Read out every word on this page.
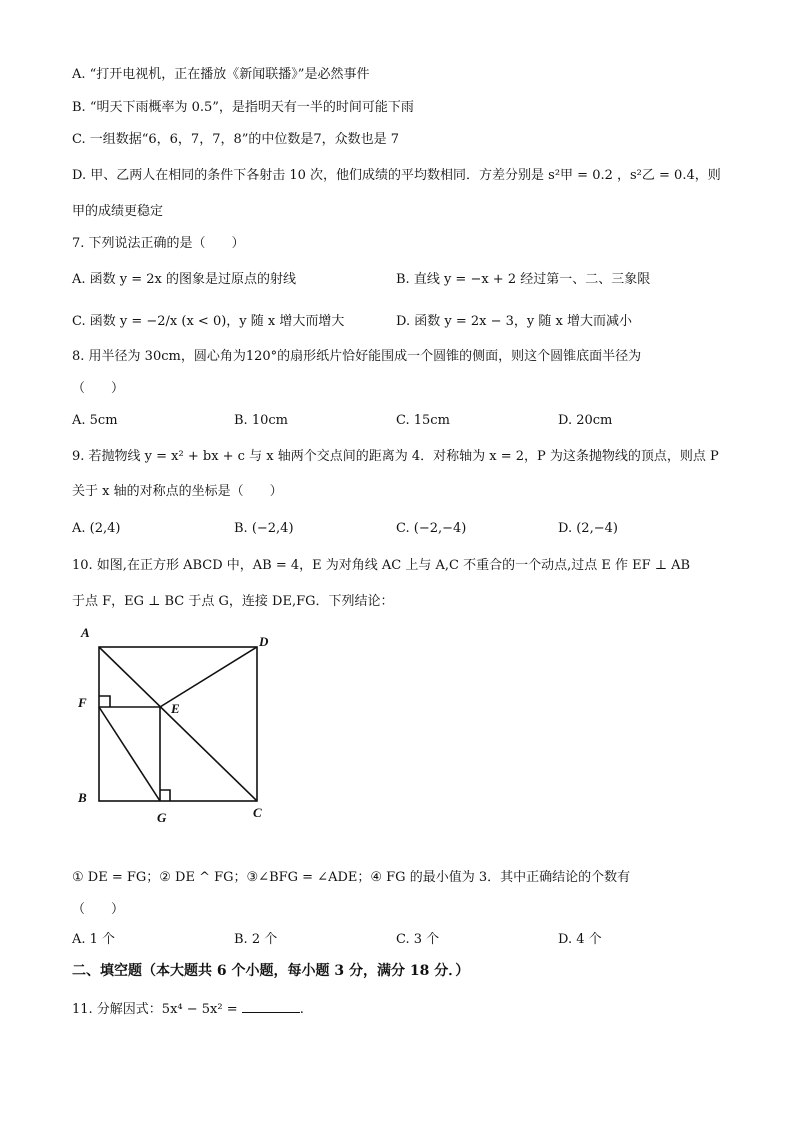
A. “打开电视机，正在播放《新闻联播》”是必然事件
B. “明天下雨概率为 0.5”，是指明天有一半的时间可能下雨
C. 一组数据“6，6，7，7，8”的中位数是7，众数也是 7
D. 甲、乙两人在相同的条件下各射击 10 次，他们成绩的平均数相同．方差分别是 s²甲 = 0.2 ，s²乙 = 0.4，则
甲的成绩更稳定
7. 下列说法正确的是（　　）
A. 函数 y = 2x 的图象是过原点的射线	B. 直线 y = −x + 2 经过第一、二、三象限
C. 函数 y = −2/x (x < 0)，y 随 x 增大而增大	D. 函数 y = 2x − 3，y 随 x 增大而减小
8. 用半径为 30cm，圆心角为120°的扇形纸片恰好能围成一个圆锥的侧面，则这个圆锥底面半径为
（　　）
A. 5cm	B. 10cm	C. 15cm	D. 20cm
9. 若抛物线 y = x² + bx + c 与 x 轴两个交点间的距离为 4．对称轴为 x = 2，P 为这条抛物线的顶点，则点 P
关于 x 轴的对称点的坐标是（　　）
A. (2,4)	B. (−2,4)	C. (−2,−4)	D. (2,−4)
10. 如图,在正方形 ABCD 中，AB = 4，E 为对角线 AC 上与 A,C 不重合的一个动点,过点 E 作 EF ⊥ AB
于点 F，EG ⊥ BC 于点 G，连接 DE,FG．下列结论：
A
D
F	E
B
G	C
① DE = FG；② DE ^ FG；③∠BFG = ∠ADE；④ FG 的最小值为 3．其中正确结论的个数有
（　　）
A. 1 个	B. 2 个	C. 3 个	D. 4 个
二、填空题（本大题共 6 个小题，每小题 3 分，满分 18 分．）
11. 分解因式：5x⁴ − 5x² =	.
